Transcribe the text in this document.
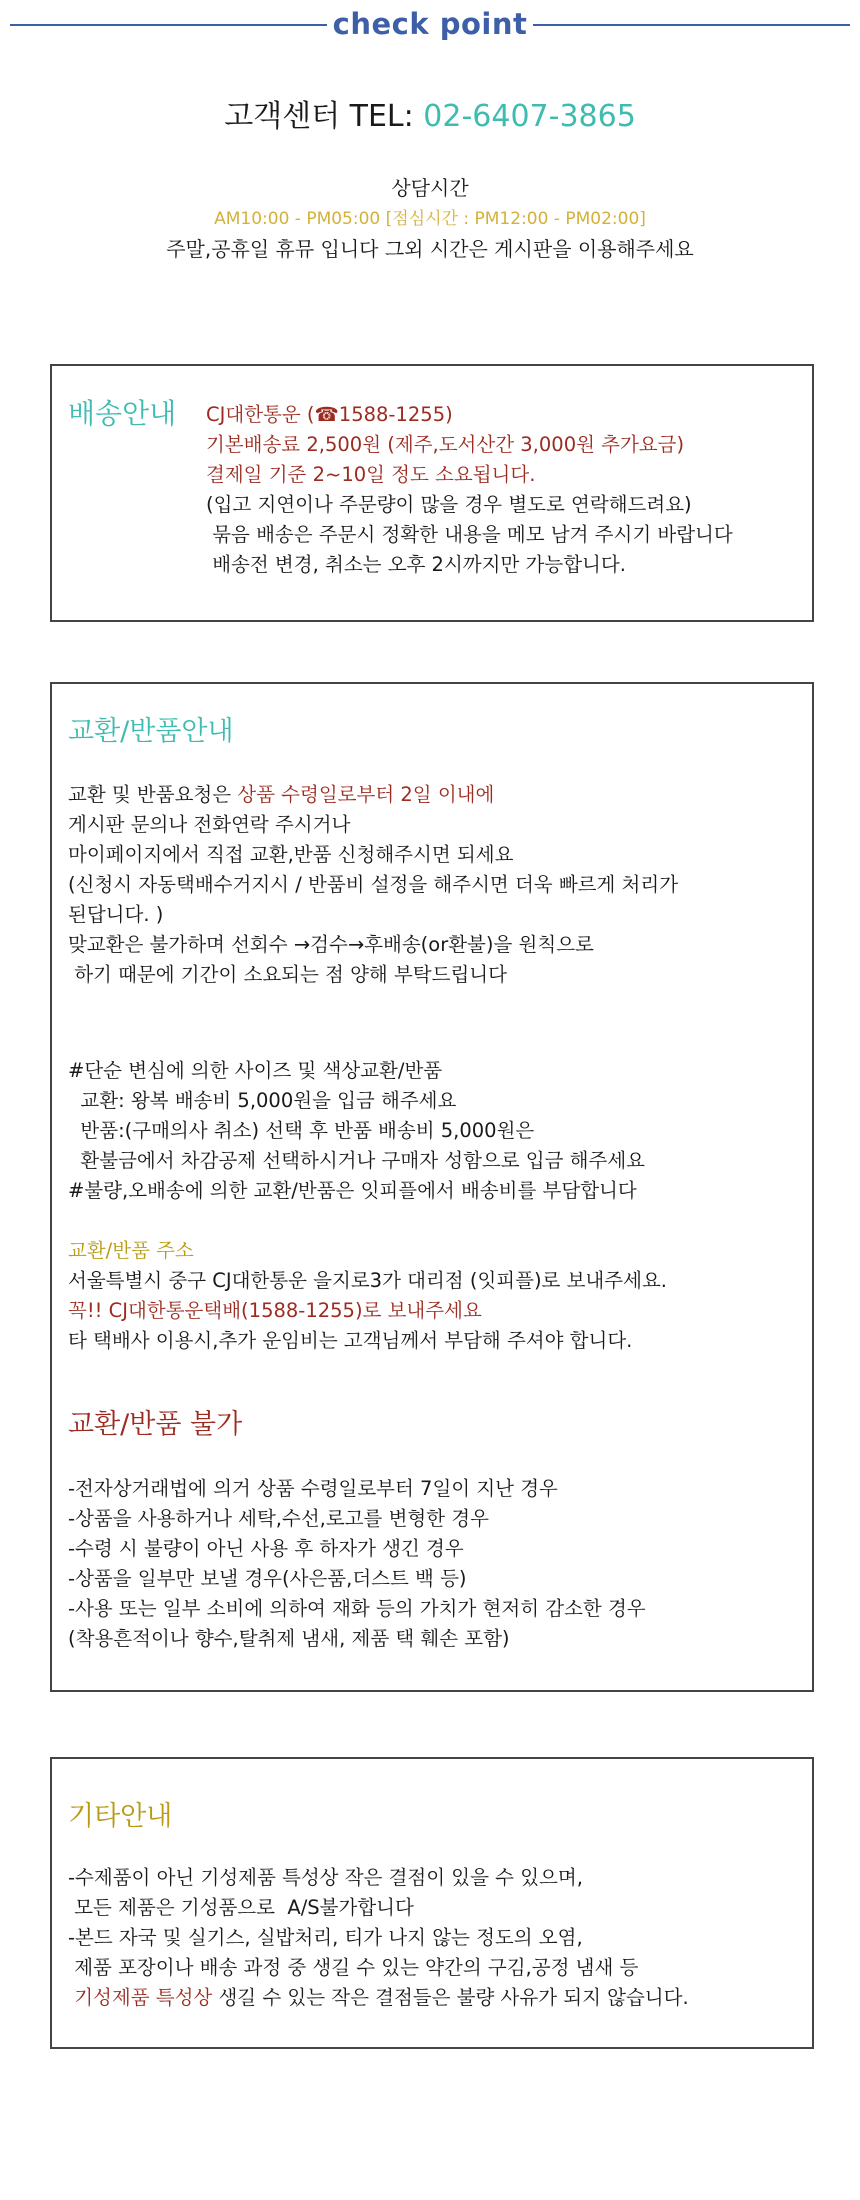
check point
고객센터 TEL: 02-6407-3865
상담시간
AM10:00 - PM05:00 [점심시간 : PM12:00 - PM02:00]
주말,공휴일 휴뮤 입니다 그외 시간은 게시판을 이용해주세요
배송안내 CJ대한통운 (☎1588-1255)
기본배송료 2,500원 (제주,도서산간 3,000원 추가요금)
결제일 기준 2~10일 정도 소요됩니다.
(입고 지연이나 주문량이 많을 경우 별도로 연락해드려요)
묶음 배송은 주문시 정확한 내용을 메모 남겨 주시기 바랍니다
배송전 변경, 취소는 오후 2시까지만 가능합니다.
교환/반품안내
교환 및 반품요청은 상품 수령일로부터 2일 이내에
게시판 문의나 전화연락 주시거나
마이페이지에서 직접 교환,반품 신청해주시면 되세요
(신청시 자동택배수거지시 / 반품비 설정을 해주시면 더욱 빠르게 처리가
된답니다. )
맞교환은 불가하며 선회수 →검수→후배송(or환불)을 원칙으로
하기 때문에 기간이 소요되는 점 양해 부탁드립니다
#단순 변심에 의한 사이즈 및 색상교환/반품
교환: 왕복 배송비 5,000원을 입금 해주세요
반품:(구매의사 취소) 선택 후 반품 배송비 5,000원은
환불금에서 차감공제 선택하시거나 구매자 성함으로 입금 해주세요
#불량,오배송에 의한 교환/반품은 잇피플에서 배송비를 부담합니다
교환/반품 주소
서울특별시 중구 CJ대한통운 을지로3가 대리점 (잇피플)로 보내주세요.
꼭!! CJ대한통운택배(1588-1255)로 보내주세요
타 택배사 이용시,추가 운임비는 고객님께서 부담해 주셔야 합니다.
교환/반품 불가
-전자상거래법에 의거 상품 수령일로부터 7일이 지난 경우
-상품을 사용하거나 세탁,수선,로고를 변형한 경우
-수령 시 불량이 아닌 사용 후 하자가 생긴 경우
-상품을 일부만 보낼 경우(사은품,더스트 백 등)
-사용 또는 일부 소비에 의하여 재화 등의 가치가 현저히 감소한 경우
(착용흔적이나 향수,탈취제 냄새, 제품 택 훼손 포함)
기타안내
-수제품이 아닌 기성제품 특성상 작은 결점이 있을 수 있으며,
모든 제품은 기성품으로  A/S불가합니다
-본드 자국 및 실기스, 실밥처리, 티가 나지 않는 정도의 오염,
제품 포장이나 배송 과정 중 생길 수 있는 약간의 구김,공정 냄새 등
기성제품 특성상 생길 수 있는 작은 결점들은 불량 사유가 되지 않습니다.
